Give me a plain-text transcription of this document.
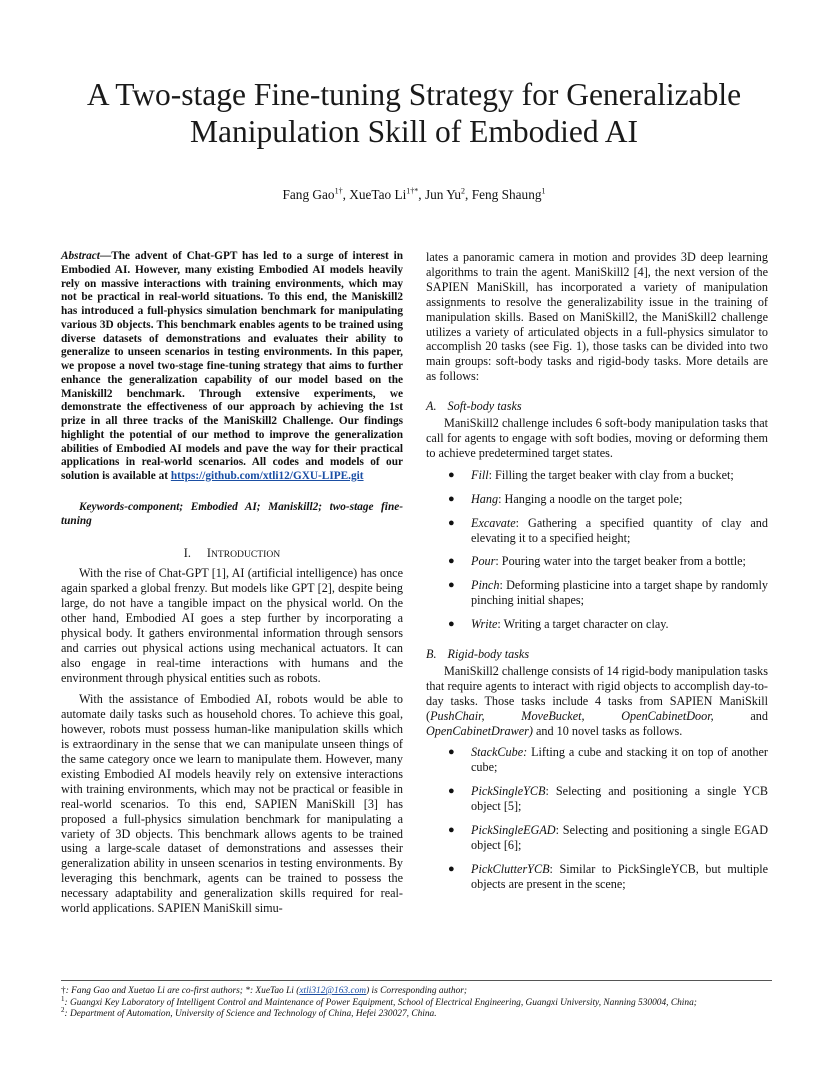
A Two-stage Fine-tuning Strategy for Generalizable
Manipulation Skill of Embodied AI
Fang Gao$^{1\dagger}$, XueTao $Li^{1\dagger*}$, Jun Yu$^2$, Feng Shaung$^1$

Abstract—The advent of Chat-GPT has led to a surge of interest in Embodied AI. However, many existing Embodied AI models heavily rely on massive interactions with training environments, which may not be practical in real-world situations. To this end, the Maniskill2 has introduced a full-physics simulation benchmark for manipulating various 3D objects. This benchmark enables agents to be trained using diverse datasets of demonstrations and evaluates their ability to generalize to unseen scenarios in testing environments. In this paper, we propose a novel two-stage fine-tuning strategy that aims to further enhance the generalization capability of our model based on the Maniskill2 benchmark. Through extensive experiments, we demonstrate the effectiveness of our approach by achieving the 1st prize in all three tracks of the ManiSkill2 Challenge. Our findings highlight the potential of our method to improve the generalization abilities of Embodied AI models and pave the way for their practical applications in real-world scenarios. All codes and models of our solution is available at https://github.com/xtli12/GXU-LIPE.git

Keywords-component; Embodied AI; Maniskill2; two-stage fine-tuning

I. INTRODUCTION

With the rise of Chat-GPT [1], AI (artificial intelligence) has once again sparked a global frenzy. But models like GPT [2], despite being large, do not have a tangible impact on the physical world. On the other hand, Embodied AI goes a step further by incorporating a physical body. It gathers environmental information through sensors and carries out physical actions using mechanical actuators. It can also engage in real-time interactions with humans and the environment through physical entities such as robots.

With the assistance of Embodied AI, robots would be able to automate daily tasks such as household chores. To achieve this goal, however, robots must possess human-like manipulation skills which is extraordinary in the sense that we can manipulate unseen things of the same category once we learn to manipulate them. However, many existing Embodied AI models heavily rely on extensive interactions with training environments, which may not be practical or feasible in real-world scenarios. To this end, SAPIEN ManiSkill [3] has proposed a full-physics simulation benchmark for manipulating a variety of 3D objects. This benchmark allows agents to be trained using a large-scale dataset of demonstrations and assesses their generalization ability in unseen scenarios in testing environments. By leveraging this benchmark, agents can be trained to possess the necessary adaptability and generalization skills required for real-world applications. SAPIEN ManiSkill simu-

lates a panoramic camera in motion and provides 3D deep learning algorithms to train the agent. ManiSkill2 [4], the next version of the SAPIEN ManiSkill, has incorporated a variety of manipulation assignments to resolve the generalizability issue in the training of manipulation skills. Based on ManiSkill2, the ManiSkill2 challenge utilizes a variety of articulated objects in a full-physics simulator to accomplish 20 tasks (see Fig. 1), those tasks can be divided into two main groups: soft-body tasks and rigid-body tasks. More details are as follows:

A. Soft-body tasks

ManiSkill2 challenge includes 6 soft-body manipulation tasks that call for agents to engage with soft bodies, moving or deforming them to achieve predetermined target states.

● Fill: Filling the target beaker with clay from a bucket;
● Hang: Hanging a noodle on the target pole;
● Excavate: Gathering a specified quantity of clay and elevating it to a specified height;
● Pour: Pouring water into the target beaker from a bottle;
● Pinch: Deforming plasticine into a target shape by randomly pinching initial shapes;
● Write: Writing a target character on clay.
B. Rigid-body tasks

ManiSkill2 challenge consists of 14 rigid-body manipulation tasks that require agents to interact with rigid objects to accomplish day-to-day tasks. Those tasks include 4 tasks from SAPIEN ManiSkill (PushChair, MoveBucket, OpenCabinetDoor, and OpenCabinetDrawer) and 10 novel tasks as follows.

● StackCube: Lifting a cube and stacking it on top of another cube;
● PickSingleYCB: Selecting and positioning a single YCB object [5];
● PickSingleEGAD: Selecting and positioning a single EGAD object [6];
● PickClutterYCB: Similar to PickSingleYCB, but multiple objects are present in the scene;
†: Fang Gao and Xuetao Li are co-first authors; *: XueTao Li (xtli312@163.com) is Corresponding author;
$^1$: Guangxi Key Laboratory of Intelligent Control and Maintenance of Power Equipment, School of Electrical Engineering, Guangxi University, Nanning 530004, China;
$^2$: Department of Automation, University of Science and Technology of China, Hefei 230027, China.
